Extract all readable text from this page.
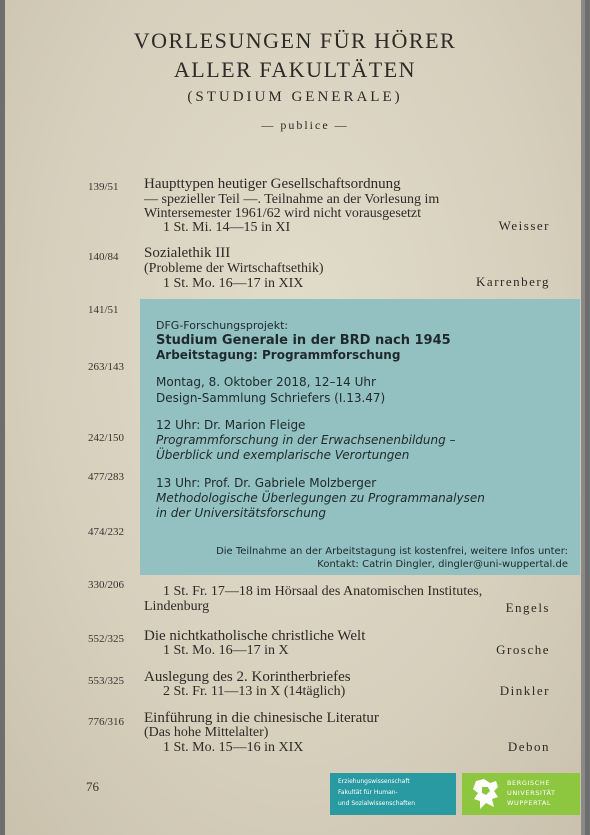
VORLESUNGEN FÜR HÖRER
ALLER FAKULTÄTEN
(STUDIUM GENERALE)
— publice —
139/51 Haupttypen heutiger Gesellschaftsordnung
— spezieller Teil —. Teilnahme an der Vorlesung im
Wintersemester 1961/62 wird nicht vorausgesetzt
1 St. Mi. 14—15 in XI	Weisser
140/84 Sozialethik III
(Probleme der Wirtschaftsethik)
1 St. Mo. 16—17 in XIX	Karrenberg
141/51
263/143
242/150
477/283
474/232
330/206	1 St. Fr. 17—18 im Hörsaal des Anatomischen Institutes,
Lindenburg	Engels
552/325 Die nichtkatholische christliche Welt
1 St. Mo. 16—17 in X	Grosche
553/325 Auslegung des 2. Korintherbriefes
2 St. Fr. 11—13 in X (14täglich)	Dinkler
776/316 Einführung in die chinesische Literatur
(Das hohe Mittelalter)
1 St. Mo. 15—16 in XIX	Debon
76
DFG-Forschungsprojekt:
Studium Generale in der BRD nach 1945
Arbeitstagung: Programmforschung
Montag, 8. Oktober 2018, 12–14 Uhr
Design-Sammlung Schriefers (I.13.47)
12 Uhr: Dr. Marion Fleige
Programmforschung in der Erwachsenenbildung –
Überblick und exemplarische Verortungen
13 Uhr: Prof. Dr. Gabriele Molzberger
Methodologische Überlegungen zu Programmanalysen
in der Universitätsforschung
Die Teilnahme an der Arbeitstagung ist kostenfrei, weitere Infos unter:
Kontakt: Catrin Dingler, dingler@uni-wuppertal.de
Erziehungswissenschaft
Fakultät für Human-
und Sozialwissenschaften
BERGISCHE
UNIVERSITÄT
WUPPERTAL
